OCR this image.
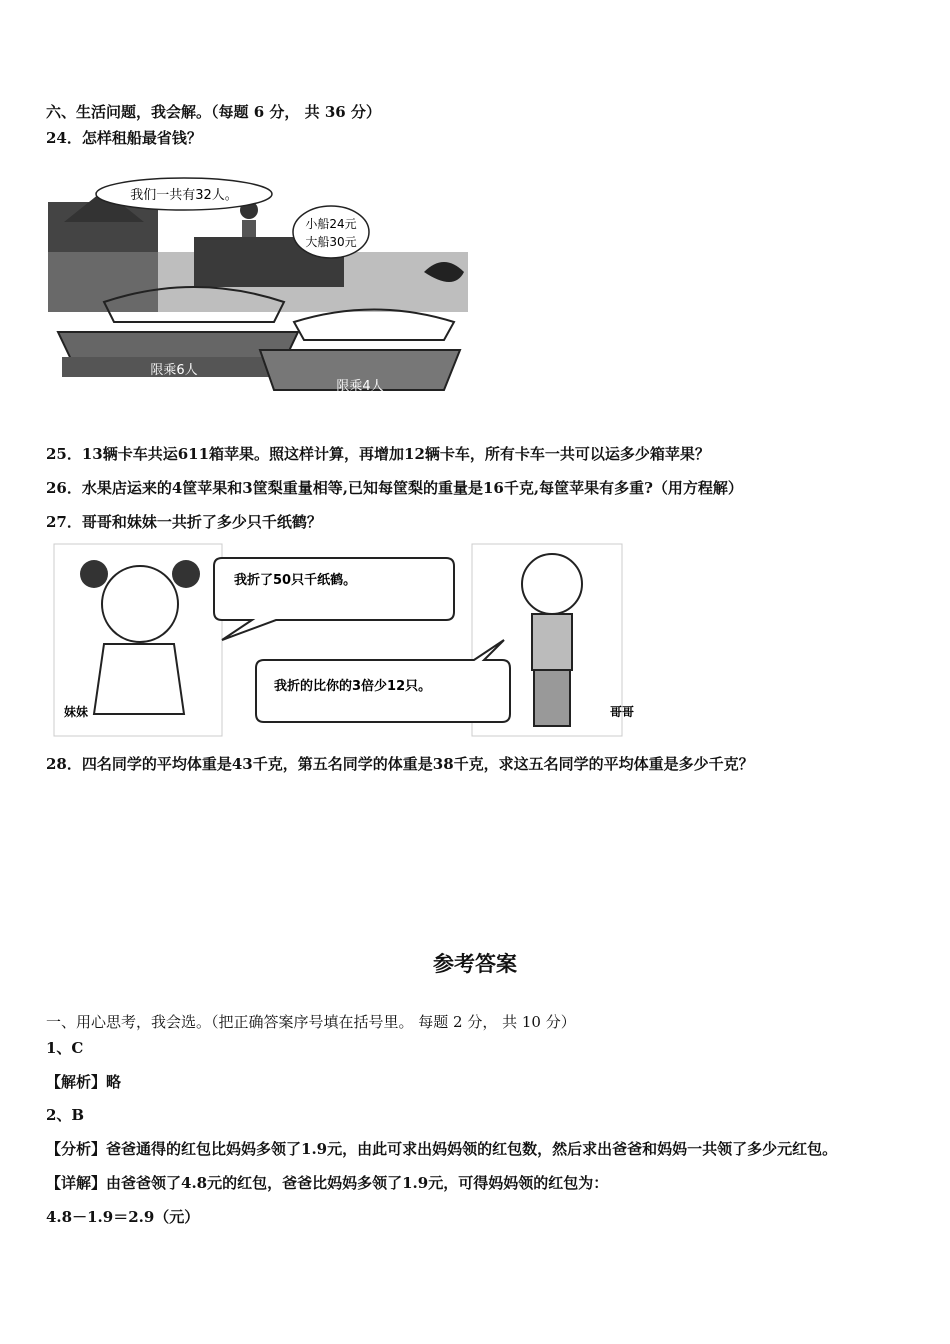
六、生活问题，我会解。（每题 6 分， 共 36 分）
24．怎样租船最省钱？
我们一共有32人。
小船24元
大船30元
限乘6人
限乘4人
25．13辆卡车共运611箱苹果。照这样计算，再增加12辆卡车，所有卡车一共可以运多少箱苹果？
26．水果店运来的4筐苹果和3筐梨重量相等,已知每筐梨的重量是16千克,每筐苹果有多重?（用方程解）
27．哥哥和妹妹一共折了多少只千纸鹤？
妹妹
我折了50只千纸鹤。
我折的比你的3倍少12只。
哥哥
28．四名同学的平均体重是43千克，第五名同学的体重是38千克，求这五名同学的平均体重是多少千克？
参考答案
一、用心思考，我会选。（把正确答案序号填在括号里。 每题 2 分， 共 10 分）
1、C
【解析】略
2、B
【分析】爸爸通得的红包比妈妈多领了1.9元，由此可求出妈妈领的红包数，然后求出爸爸和妈妈一共领了多少元红包。
【详解】由爸爸领了4.8元的红包，爸爸比妈妈多领了1.9元，可得妈妈领的红包为：
4.8－1.9＝2.9（元）
